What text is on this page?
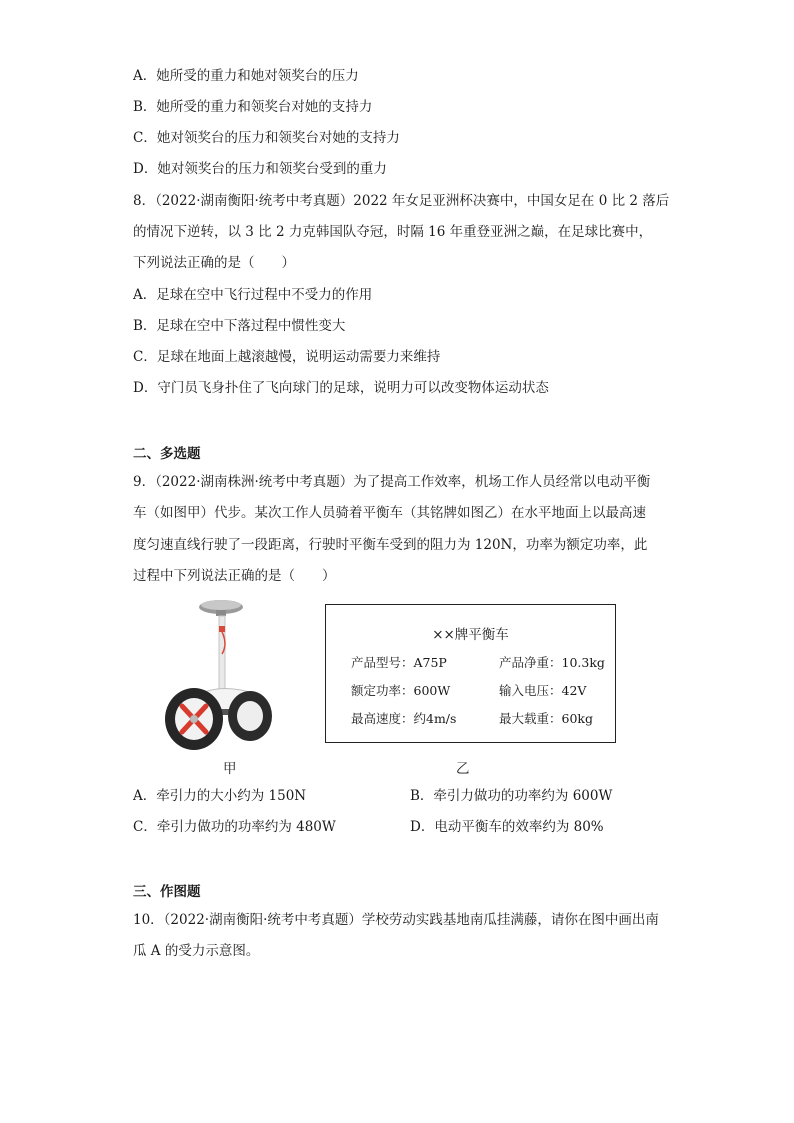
A．她所受的重力和她对领奖台的压力
B．她所受的重力和领奖台对她的支持力
C．她对领奖台的压力和领奖台对她的支持力
D．她对领奖台的压力和领奖台受到的重力
8．（2022·湖南衡阳·统考中考真题）2022 年女足亚洲杯决赛中，中国女足在 0 比 2 落后
的情况下逆转，以 3 比 2 力克韩国队夺冠，时隔 16 年重登亚洲之巅，在足球比赛中，
下列说法正确的是（　　）
A．足球在空中飞行过程中不受力的作用
B．足球在空中下落过程中惯性变大
C．足球在地面上越滚越慢，说明运动需要力来维持
D．守门员飞身扑住了飞向球门的足球，说明力可以改变物体运动状态
二、多选题
9．（2022·湖南株洲·统考中考真题）为了提高工作效率，机场工作人员经常以电动平衡
车（如图甲）代步。某次工作人员骑着平衡车（其铭牌如图乙）在水平地面上以最高速
度匀速直线行驶了一段距离，行驶时平衡车受到的阻力为 120N，功率为额定功率，此
过程中下列说法正确的是（　　）
××牌平衡车
产品型号：A75P	产品净重：10.3kg
额定功率：600W	输入电压：42V
最高速度：约4m/s	最大载重：60kg
甲	乙
A．牵引力的大小约为 150N	B．牵引力做功的功率约为 600W
C．牵引力做功的功率约为 480W	D．电动平衡车的效率约为 80%
三、作图题
10．（2022·湖南衡阳·统考中考真题）学校劳动实践基地南瓜挂满藤，请你在图中画出南
瓜 A 的受力示意图。
